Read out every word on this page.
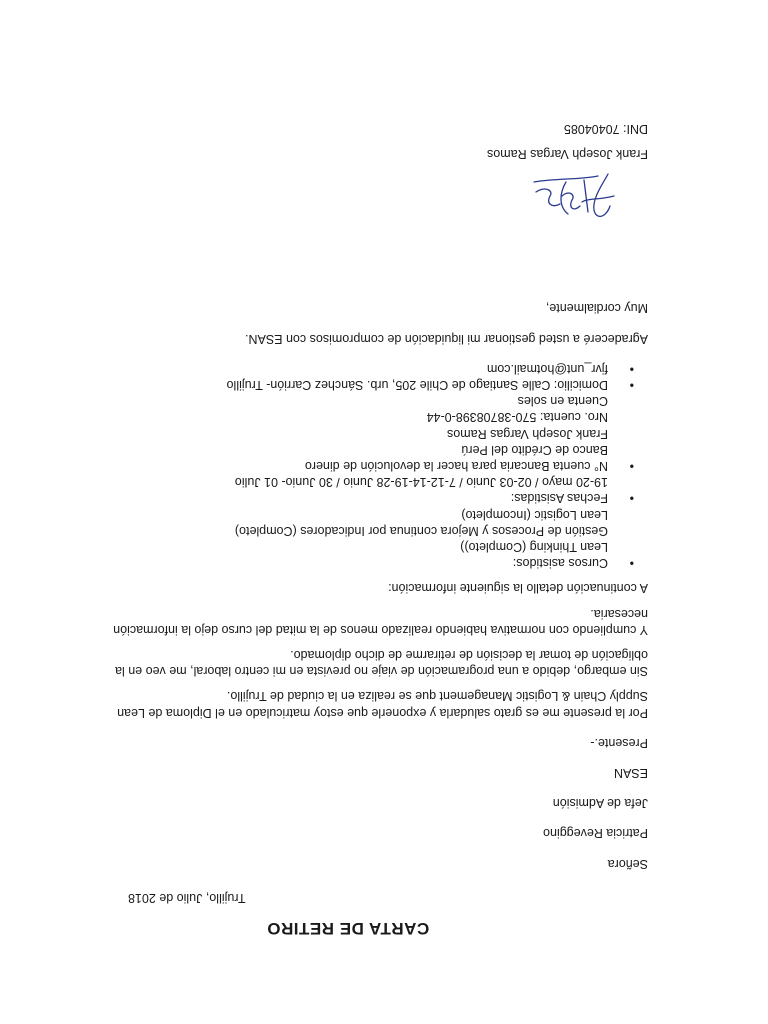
CARTA DE RETIRO

Trujillo, Julio de 2018

Señora

Patricia Reveggino

Jefa de Admisión

ESAN

Presente.-

Por la presente me es grato saludarla y exponerle que estoy matriculado en el Diploma de Lean Supply Chain & Logistic Management que se realiza en la ciudad de Trujillo.

Sin embargo, debido a una programación de viaje no prevista en mi centro laboral, me veo en la obligación de tomar la decisión de retirarme de dicho diplomado.

Y cumpliendo con normativa habiendo realizado menos de la mitad del curso dejo la información necesaria.

A continuación detallo la siguiente información:

•

Cursos asistidos:

Lean Thinking (Completo))

Gestión de Procesos y Mejora continua por Indicadores (Completo)

Lean Logistic (Incompleto)

•

Fechas Asistidas:

19-20 mayo / 02-03 Junio / 7-12-14-19-28 Junio / 30 Junio- 01 Julio

•

N° cuenta Bancaria para hacer la devolución de dinero

Banco de Crédito del Perú

Frank Joseph Vargas Ramos

Nro. cuenta: 570-38708398-0-44

Cuenta en soles

•

Domicilio: Calle Santiago de Chile 205, urb. Sánchez Carrión- Trujillo

•

fjvr_unt@hotmail.com

Agradeceré a usted gestionar mi liquidación de compromisos con ESAN.

Muy cordialmente,

Frank Joseph Vargas Ramos

DNI: 70404085
